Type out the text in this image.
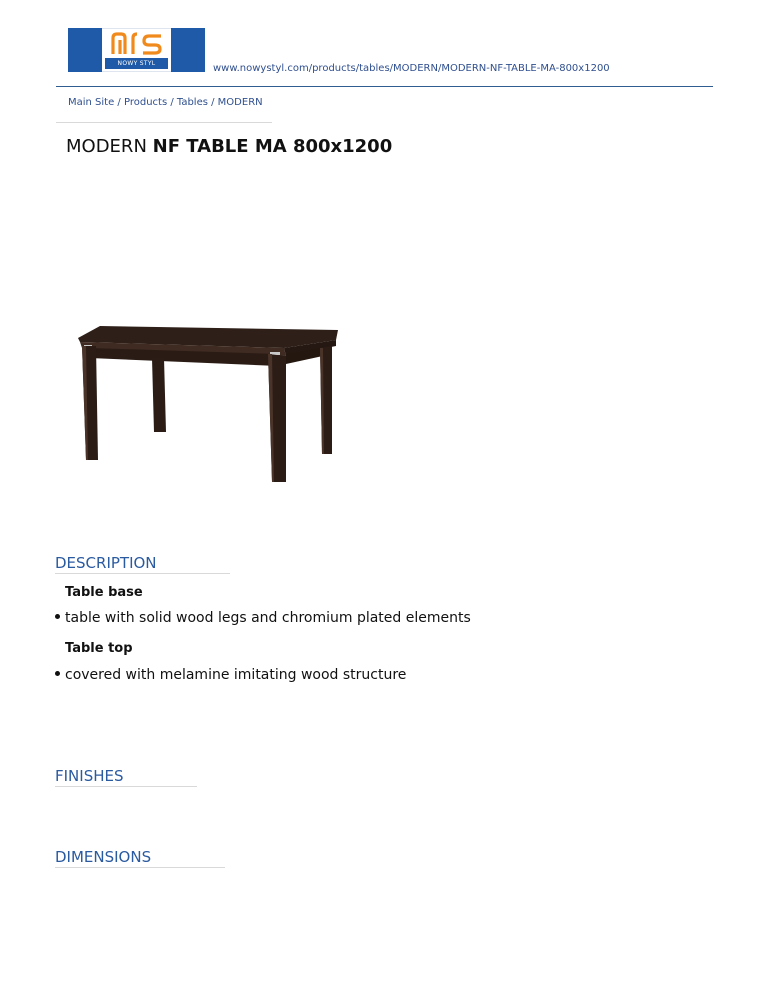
NOWY STYL	www.nowystyl.com/products/tables/MODERN/MODERN-NF-TABLE-MA-800x1200
Main Site / Products / Tables / MODERN
MODERN NF TABLE MA 800x1200
DESCRIPTION
Table base
table with solid wood legs and chromium plated elements
Table top
covered with melamine imitating wood structure
FINISHES
DIMENSIONS
